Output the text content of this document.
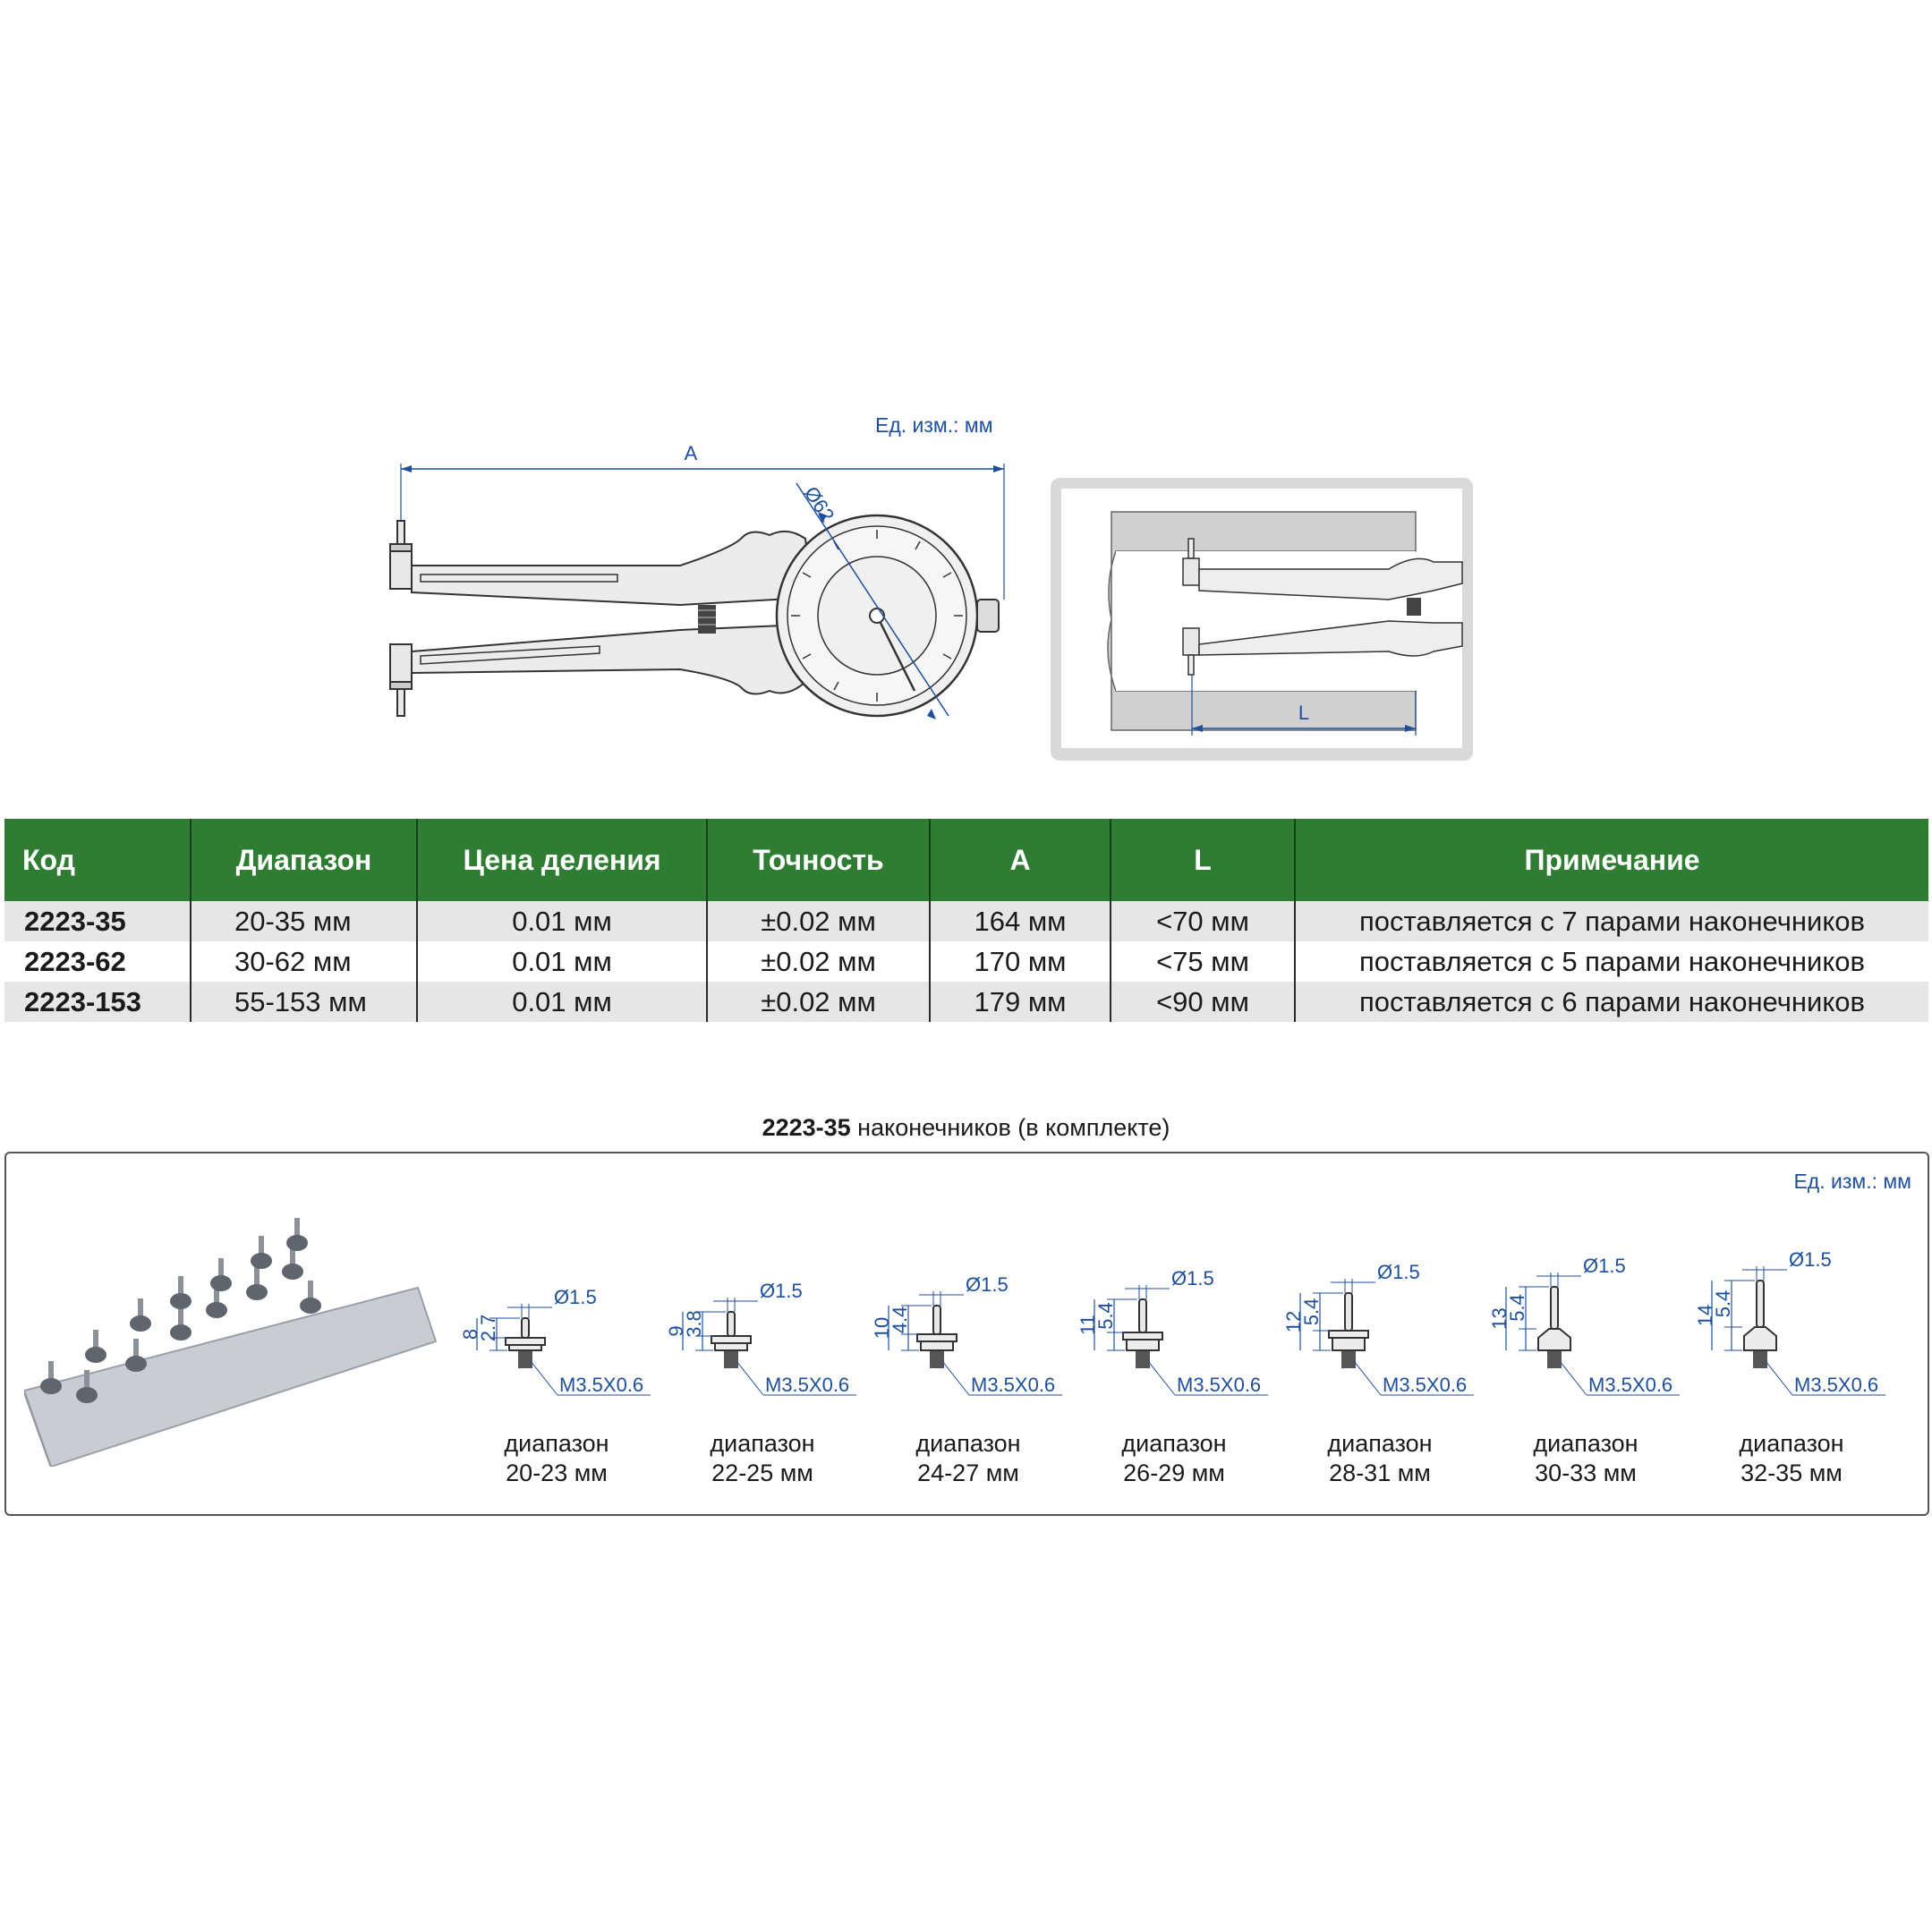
Ед. изм.: мм
A
Ø62
L
Код	Диапазон	Цена деления	Точность	A	L	Примечание
2223-35	20-35 мм	0.01 мм	±0.02 мм	164 мм	<70 мм	поставляется с 7 парами наконечников
2223-62	30-62 мм	0.01 мм	±0.02 мм	170 мм	<75 мм	поставляется с 5 парами наконечников
2223-153	55-153 мм	0.01 мм	±0.02 мм	179 мм	<90 мм	поставляется с 6 парами наконечников
2223-35 наконечников (в комплекте)
Ед. изм.: мм
2.7
8
Ø1.5
M3.5X0.6
диапазон
20-23 мм
3.8
9
Ø1.5
M3.5X0.6
диапазон
22-25 мм
4.4
10
Ø1.5
M3.5X0.6
диапазон
24-27 мм
5.4
11
Ø1.5
M3.5X0.6
диапазон
26-29 мм
5.4
12
Ø1.5
M3.5X0.6
диапазон
28-31 мм
5.4
13
Ø1.5
M3.5X0.6
диапазон
30-33 мм
5.4
14
Ø1.5
M3.5X0.6
диапазон
32-35 мм
